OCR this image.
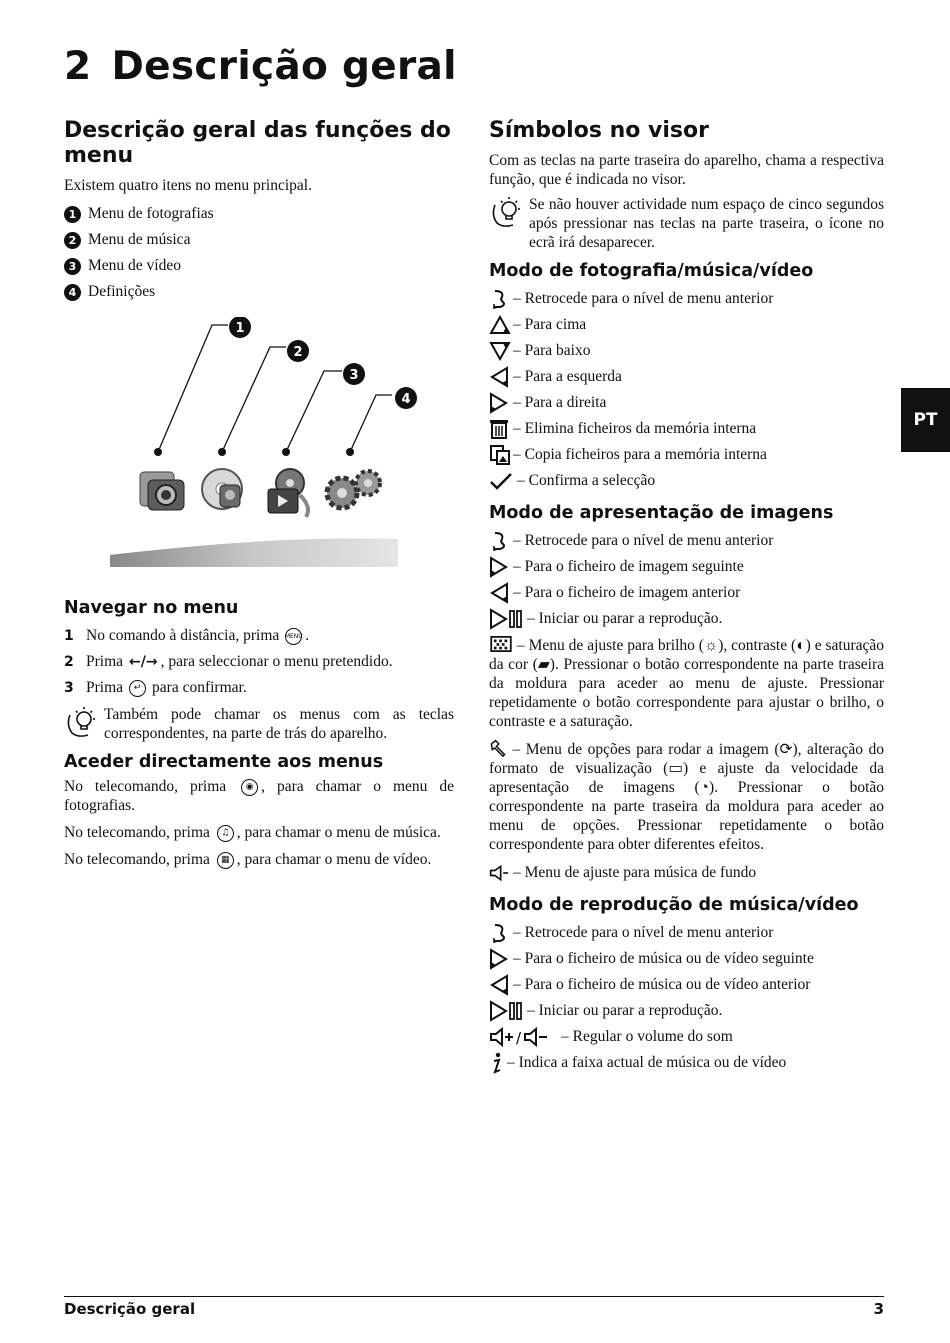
2 Descrição geral
PT
Descrição geral das funções do menu

Existem quatro itens no menu principal.

1 Menu de fotografias
2 Menu de música
3 Menu de vídeo
4 Definições
1
2
3
4
Navegar no menu
1 No comando à distância, prima MENU .
2 Prima ←/→ , para seleccionar o menu pretendido.
3 Prima	↵ para confirmar.

Também pode chamar os menus com as teclas correspondentes, na parte de trás do aparelho.

Aceder directamente aos menus

No telecomando, prima ◉ , para chamar o menu de fotografias.

No telecomando, prima ♫ , para chamar o menu de música.

No telecomando, prima ▦ , para chamar o menu de vídeo.

Símbolos no visor

Com as teclas na parte traseira do aparelho, chama a respectiva função, que é indicada no visor.

Se não houver actividade num espaço de cinco segundos após pressionar nas teclas na parte traseira, o ícone no ecrã irá desaparecer.

Modo de fotografia/música/vídeo
– Retrocede para o nível de menu anterior
– Para cima
– Para baixo
– Para a esquerda
– Para a direita
– Elimina ficheiros da memória interna
– Copia ficheiros para a memória interna
– Confirma a selecção
Modo de apresentação de imagens
– Retrocede para o nível de menu anterior
– Para o ficheiro de imagem seguinte
– Para o ficheiro de imagem anterior
– Iniciar ou parar a reprodução.

– Menu de ajuste para brilho (☼), contraste (◐) e saturação da cor (▰). Pressionar o botão correspondente na parte traseira da moldura para aceder ao menu de ajuste. Pressionar repetidamente o botão correspondente para ajustar o brilho, o contraste e a saturação.

– Menu de opções para rodar a imagem (⟳), alteração do formato de visualização (▭) e ajuste da velocidade da apresentação de imagens (◔). Pressionar o botão correspondente na parte traseira da moldura para aceder ao menu de opções. Pressionar repetidamente o botão correspondente para obter diferentes efeitos.

– Menu de ajuste para música de fundo
Modo de reprodução de música/vídeo
– Retrocede para o nível de menu anterior
– Para o ficheiro de música ou de vídeo seguinte
– Para o ficheiro de música ou de vídeo anterior
– Iniciar ou parar a reprodução.
/	– Regular o volume do som
– Indica a faixa actual de música ou de vídeo
Descrição geral	3
